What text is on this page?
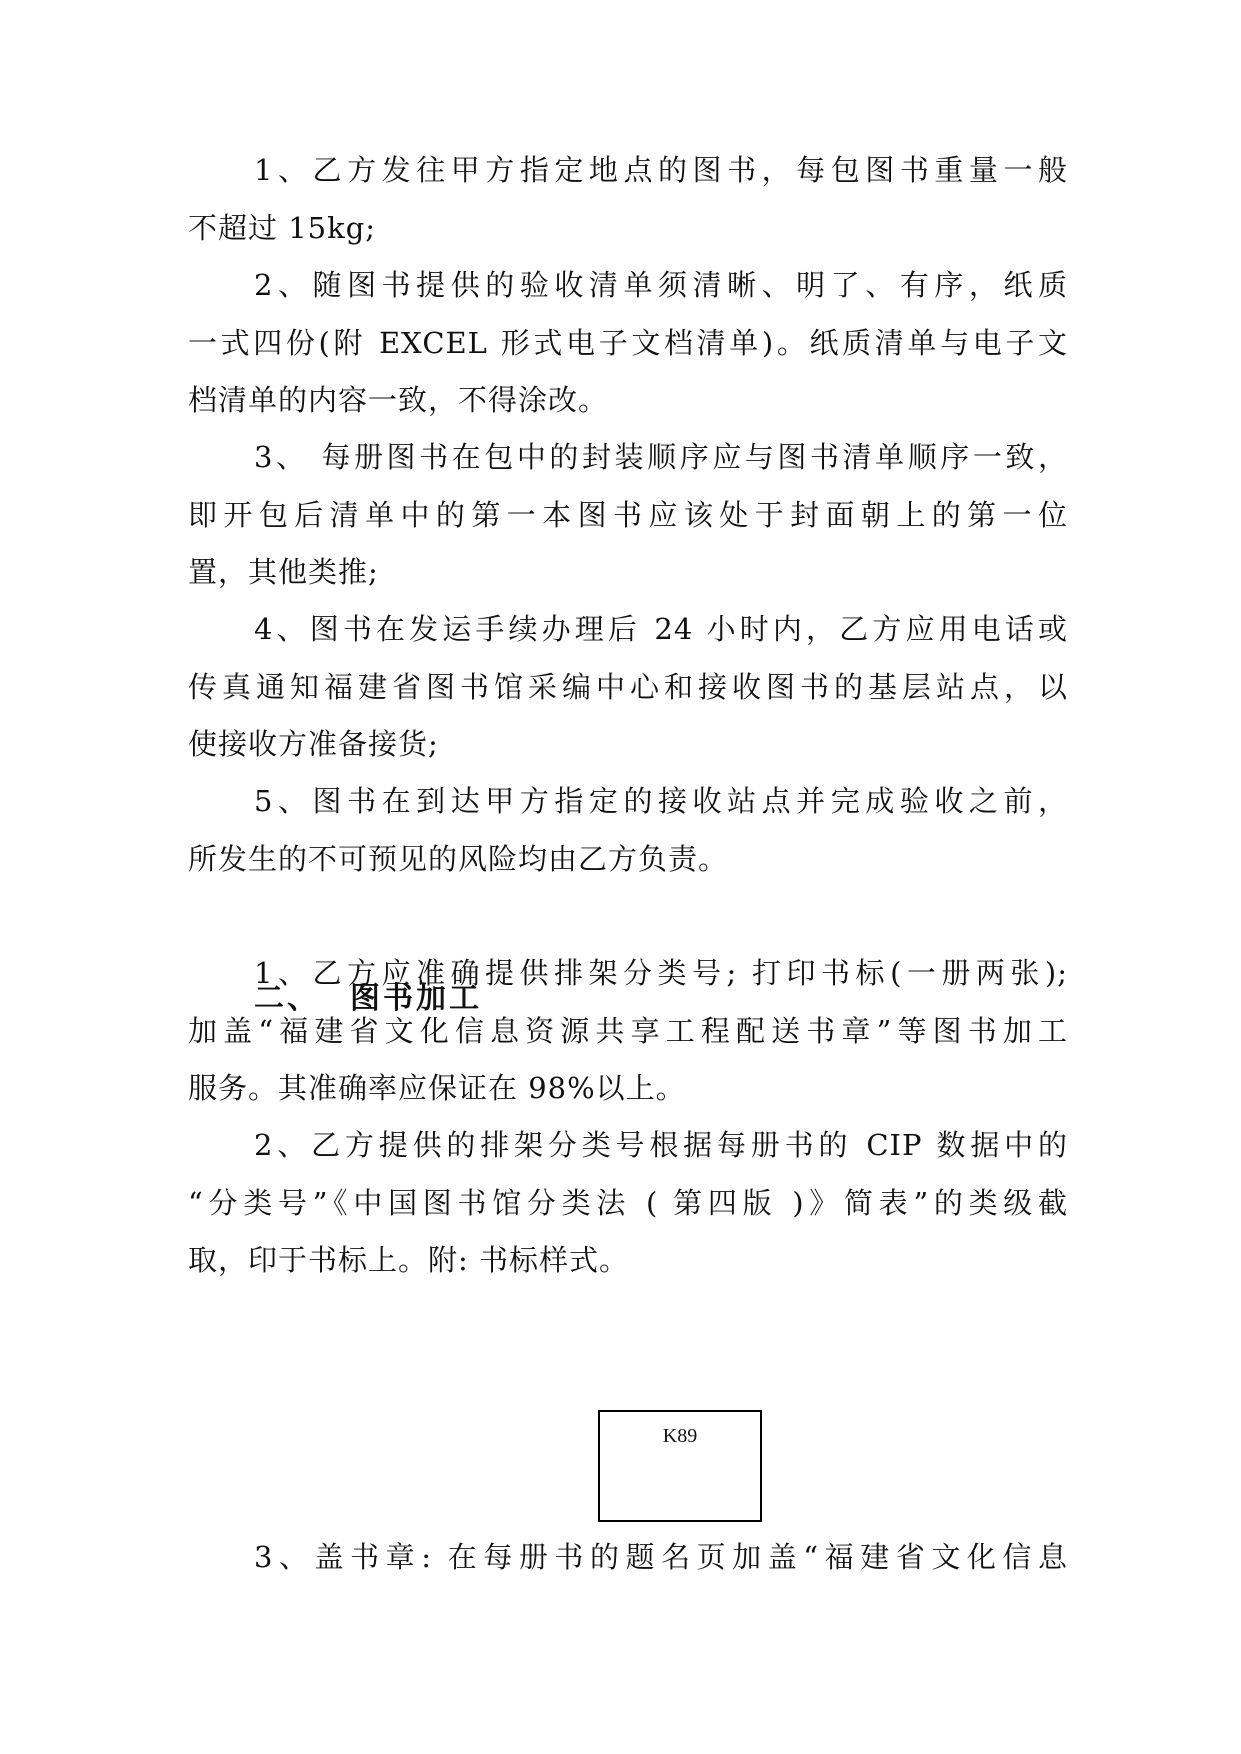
1、乙方发往甲方指定地点的图书，每包图书重量一般
不超过 15kg;
2、随图书提供的验收清单须清晰、明了、有序，纸质
一式四份(附 EXCEL 形式电子文档清单)。纸质清单与电子文
档清单的内容一致，不得涂改。
3、 每册图书在包中的封装顺序应与图书清单顺序一致，
即开包后清单中的第一本图书应该处于封面朝上的第一位
置，其他类推;
4、图书在发运手续办理后 24 小时内，乙方应用电话或
传真通知福建省图书馆采编中心和接收图书的基层站点，以
使接收方准备接货;
5、图书在到达甲方指定的接收站点并完成验收之前，
所发生的不可预见的风险均由乙方负责。
二、 图书加工
1、乙方应准确提供排架分类号; 打印书标(一册两张);
加盖“福建省文化信息资源共享工程配送书章”等图书加工
服务。其准确率应保证在 98%以上。
2、乙方提供的排架分类号根据每册书的 CIP 数据中的
“分类号”《中国图书馆分类法 ( 第四版 )》简表”的类级截
取，印于书标上。附: 书标样式。
K89
3、盖书章: 在每册书的题名页加盖“福建省文化信息
